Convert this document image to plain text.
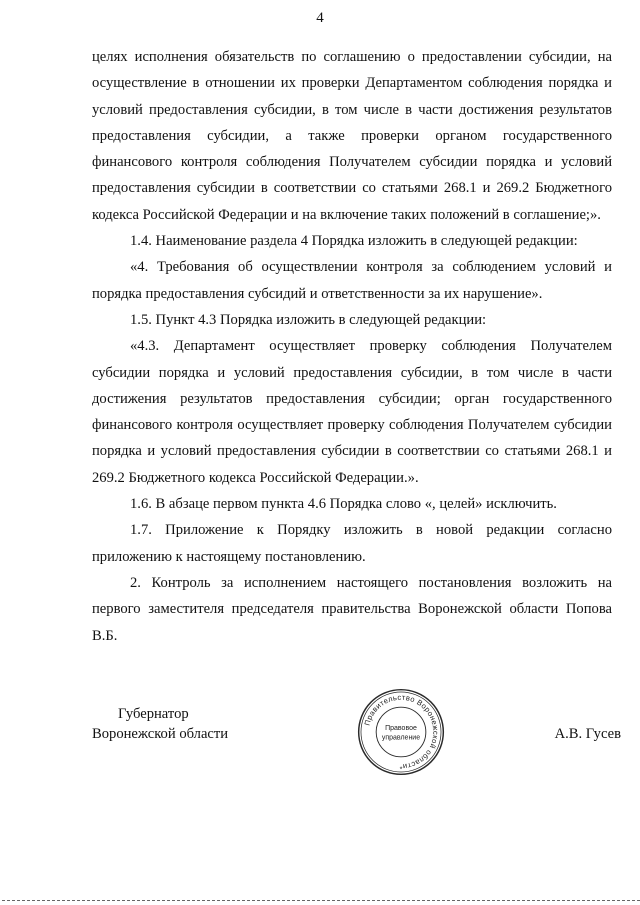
4

целях исполнения обязательств по соглашению о предоставлении субсидии, на осуществление в отношении их проверки Департаментом соблюдения порядка и условий предоставления субсидии, в том числе в части достижения результатов предоставления субсидии, а также проверки органом государственного финансового контроля соблюдения Получателем субсидии порядка и условий предоставления субсидии в соответствии со статьями 268.1 и 269.2 Бюджетного кодекса Российской Федерации и на включение таких положений в соглашение;».

1.4. Наименование раздела 4 Порядка изложить в следующей редакции:

«4. Требования об осуществлении контроля за соблюдением условий и порядка предоставления субсидий и ответственности за их нарушение».

1.5. Пункт 4.3 Порядка изложить в следующей редакции:

«4.3. Департамент осуществляет проверку соблюдения Получателем субсидии порядка и условий предоставления субсидии, в том числе в части достижения результатов предоставления субсидии; орган государственного финансового контроля осуществляет проверку соблюдения Получателем субсидии порядка и условий предоставления субсидии в соответствии со статьями 268.1 и 269.2 Бюджетного кодекса Российской Федерации.».

1.6. В абзаце первом пункта 4.6 Порядка слово «, целей» исключить.

1.7. Приложение к Порядку изложить в новой редакции согласно приложению к настоящему постановлению.

2. Контроль за исполнением настоящего постановления возложить на первого заместителя председателя правительства Воронежской области Попова В.Б.

Губернатор
Воронежской области
Правительство Воронежской области
Правовое
управление
*
А.В. Гусев
